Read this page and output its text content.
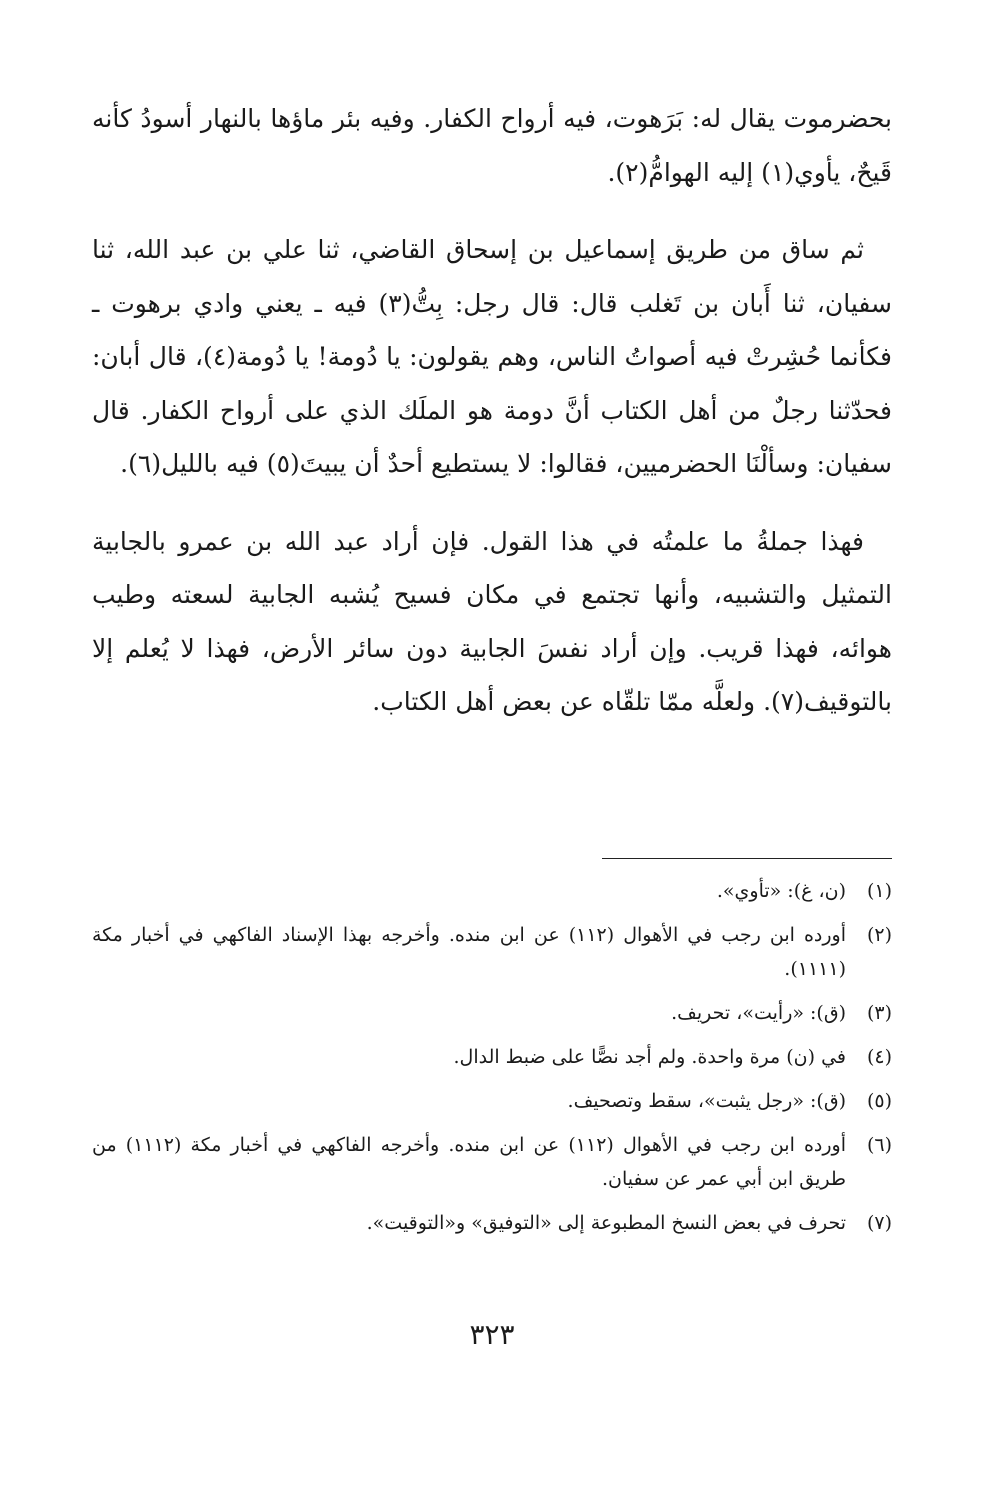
بحضرموت يقال له: بَرَهوت، فيه أرواح الكفار. وفيه بئر ماؤها بالنهار أسودُ كأنه قَيحٌ، يأوي(١) إليه الهوامُّ(٢).

ثم ساق من طريق إسماعيل بن إسحاق القاضي، ثنا علي بن عبد الله، ثنا سفيان، ثنا أَبان بن تَغلب قال: قال رجل: بِتُّ(٣) فيه ـ يعني وادي برهوت ـ فكأنما حُشِرتْ فيه أصواتُ الناس، وهم يقولون: يا دُومة! يا دُومة(٤)، قال أبان: فحدّثنا رجلٌ من أهل الكتاب أنَّ دومة هو الملَك الذي على أرواح الكفار. قال سفيان: وسألْنَا الحضرميين، فقالوا: لا يستطيع أحدٌ أن يبيتَ(٥) فيه بالليل(٦).

فهذا جملةُ ما علمتُه في هذا القول. فإن أراد عبد الله بن عمرو بالجابية التمثيل والتشبيه، وأنها تجتمع في مكان فسيح يُشبه الجابية لسعته وطيب هوائه، فهذا قريب. وإن أراد نفسَ الجابية دون سائر الأرض، فهذا لا يُعلم إلا بالتوقيف(٧). ولعلَّه ممّا تلقّاه عن بعض أهل الكتاب.

(١)
(ن، غ): «تأوي».
(٢)
أورده ابن رجب في الأهوال (١١٢) عن ابن منده. وأخرجه بهذا الإسناد الفاكهي في أخبار مكة (١١١١).
(٣)
(ق): «رأيت»، تحريف.
(٤)
في (ن) مرة واحدة. ولم أجد نصًّا على ضبط الدال.
(٥)
(ق): «رجل يثبت»، سقط وتصحيف.
(٦)
أورده ابن رجب في الأهوال (١١٢) عن ابن منده. وأخرجه الفاكهي في أخبار مكة (١١١٢) من طريق ابن أبي عمر عن سفيان.
(٧)
تحرف في بعض النسخ المطبوعة إلى «التوفيق» و«التوقيت».
٣٢٣
